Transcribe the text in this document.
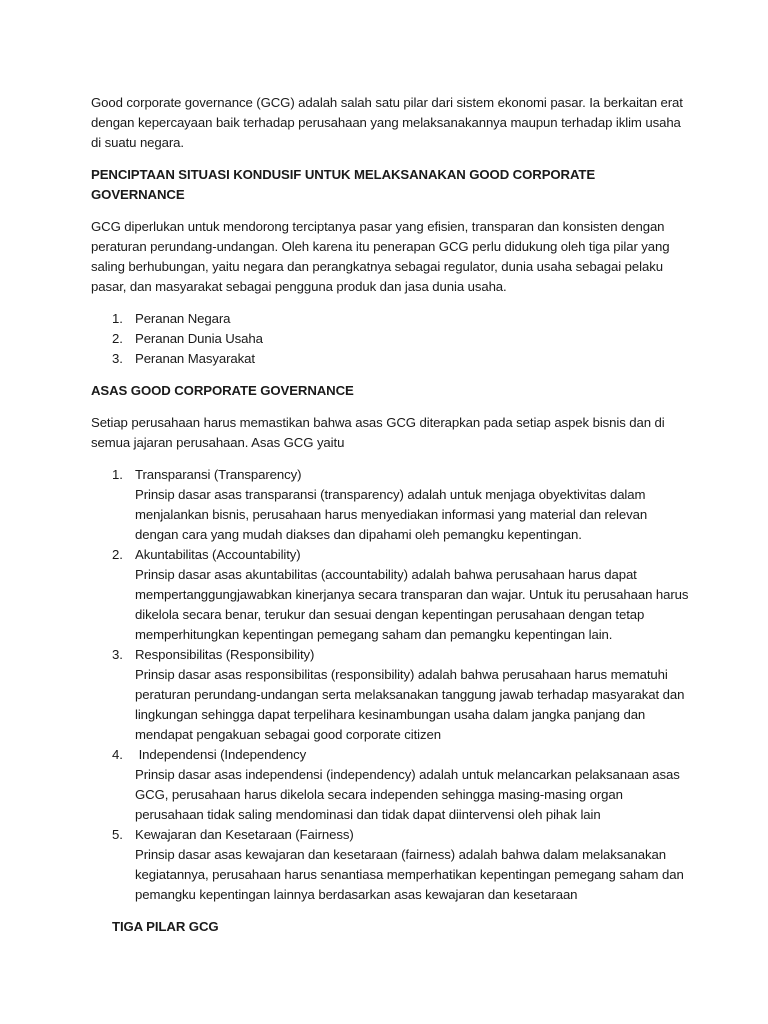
Good corporate governance (GCG) adalah salah satu pilar dari sistem ekonomi pasar. Ia berkaitan erat dengan kepercayaan baik terhadap perusahaan yang melaksanakannya maupun terhadap iklim usaha di suatu negara.

PENCIPTAAN SITUASI KONDUSIF UNTUK MELAKSANAKAN GOOD CORPORATE GOVERNANCE

GCG diperlukan untuk mendorong terciptanya pasar yang efisien, transparan dan konsisten dengan peraturan perundang-undangan. Oleh karena itu penerapan GCG perlu didukung oleh tiga pilar yang saling berhubungan, yaitu negara dan perangkatnya sebagai regulator, dunia usaha sebagai pelaku pasar, dan masyarakat sebagai pengguna produk dan jasa dunia usaha.

1. Peranan Negara
2. Peranan Dunia Usaha
3. Peranan Masyarakat

ASAS GOOD CORPORATE GOVERNANCE

Setiap perusahaan harus memastikan bahwa asas GCG diterapkan pada setiap aspek bisnis dan di semua jajaran perusahaan. Asas GCG yaitu

1. Transparansi (Transparency)
Prinsip dasar asas transparansi (transparency) adalah untuk menjaga obyektivitas dalam menjalankan bisnis, perusahaan harus menyediakan informasi yang material dan relevan dengan cara yang mudah diakses dan dipahami oleh pemangku kepentingan.
2. Akuntabilitas (Accountability)
Prinsip dasar asas akuntabilitas (accountability) adalah bahwa perusahaan harus dapat mempertanggungjawabkan kinerjanya secara transparan dan wajar. Untuk itu perusahaan harus dikelola secara benar, terukur dan sesuai dengan kepentingan perusahaan dengan tetap memperhitungkan kepentingan pemegang saham dan pemangku kepentingan lain.
3. Responsibilitas (Responsibility)
Prinsip dasar asas responsibilitas (responsibility) adalah bahwa perusahaan harus mematuhi peraturan perundang-undangan serta melaksanakan tanggung jawab terhadap masyarakat dan lingkungan sehingga dapat terpelihara kesinambungan usaha dalam jangka panjang dan mendapat pengakuan sebagai good corporate citizen
4. Independensi (Independency
Prinsip dasar asas independensi (independency) adalah untuk melancarkan pelaksanaan asas GCG, perusahaan harus dikelola secara independen sehingga masing-masing organ perusahaan tidak saling mendominasi dan tidak dapat diintervensi oleh pihak lain
5. Kewajaran dan Kesetaraan (Fairness)
Prinsip dasar asas kewajaran dan kesetaraan (fairness) adalah bahwa dalam melaksanakan kegiatannya, perusahaan harus senantiasa memperhatikan kepentingan pemegang saham dan pemangku kepentingan lainnya berdasarkan asas kewajaran dan kesetaraan

TIGA PILAR GCG
